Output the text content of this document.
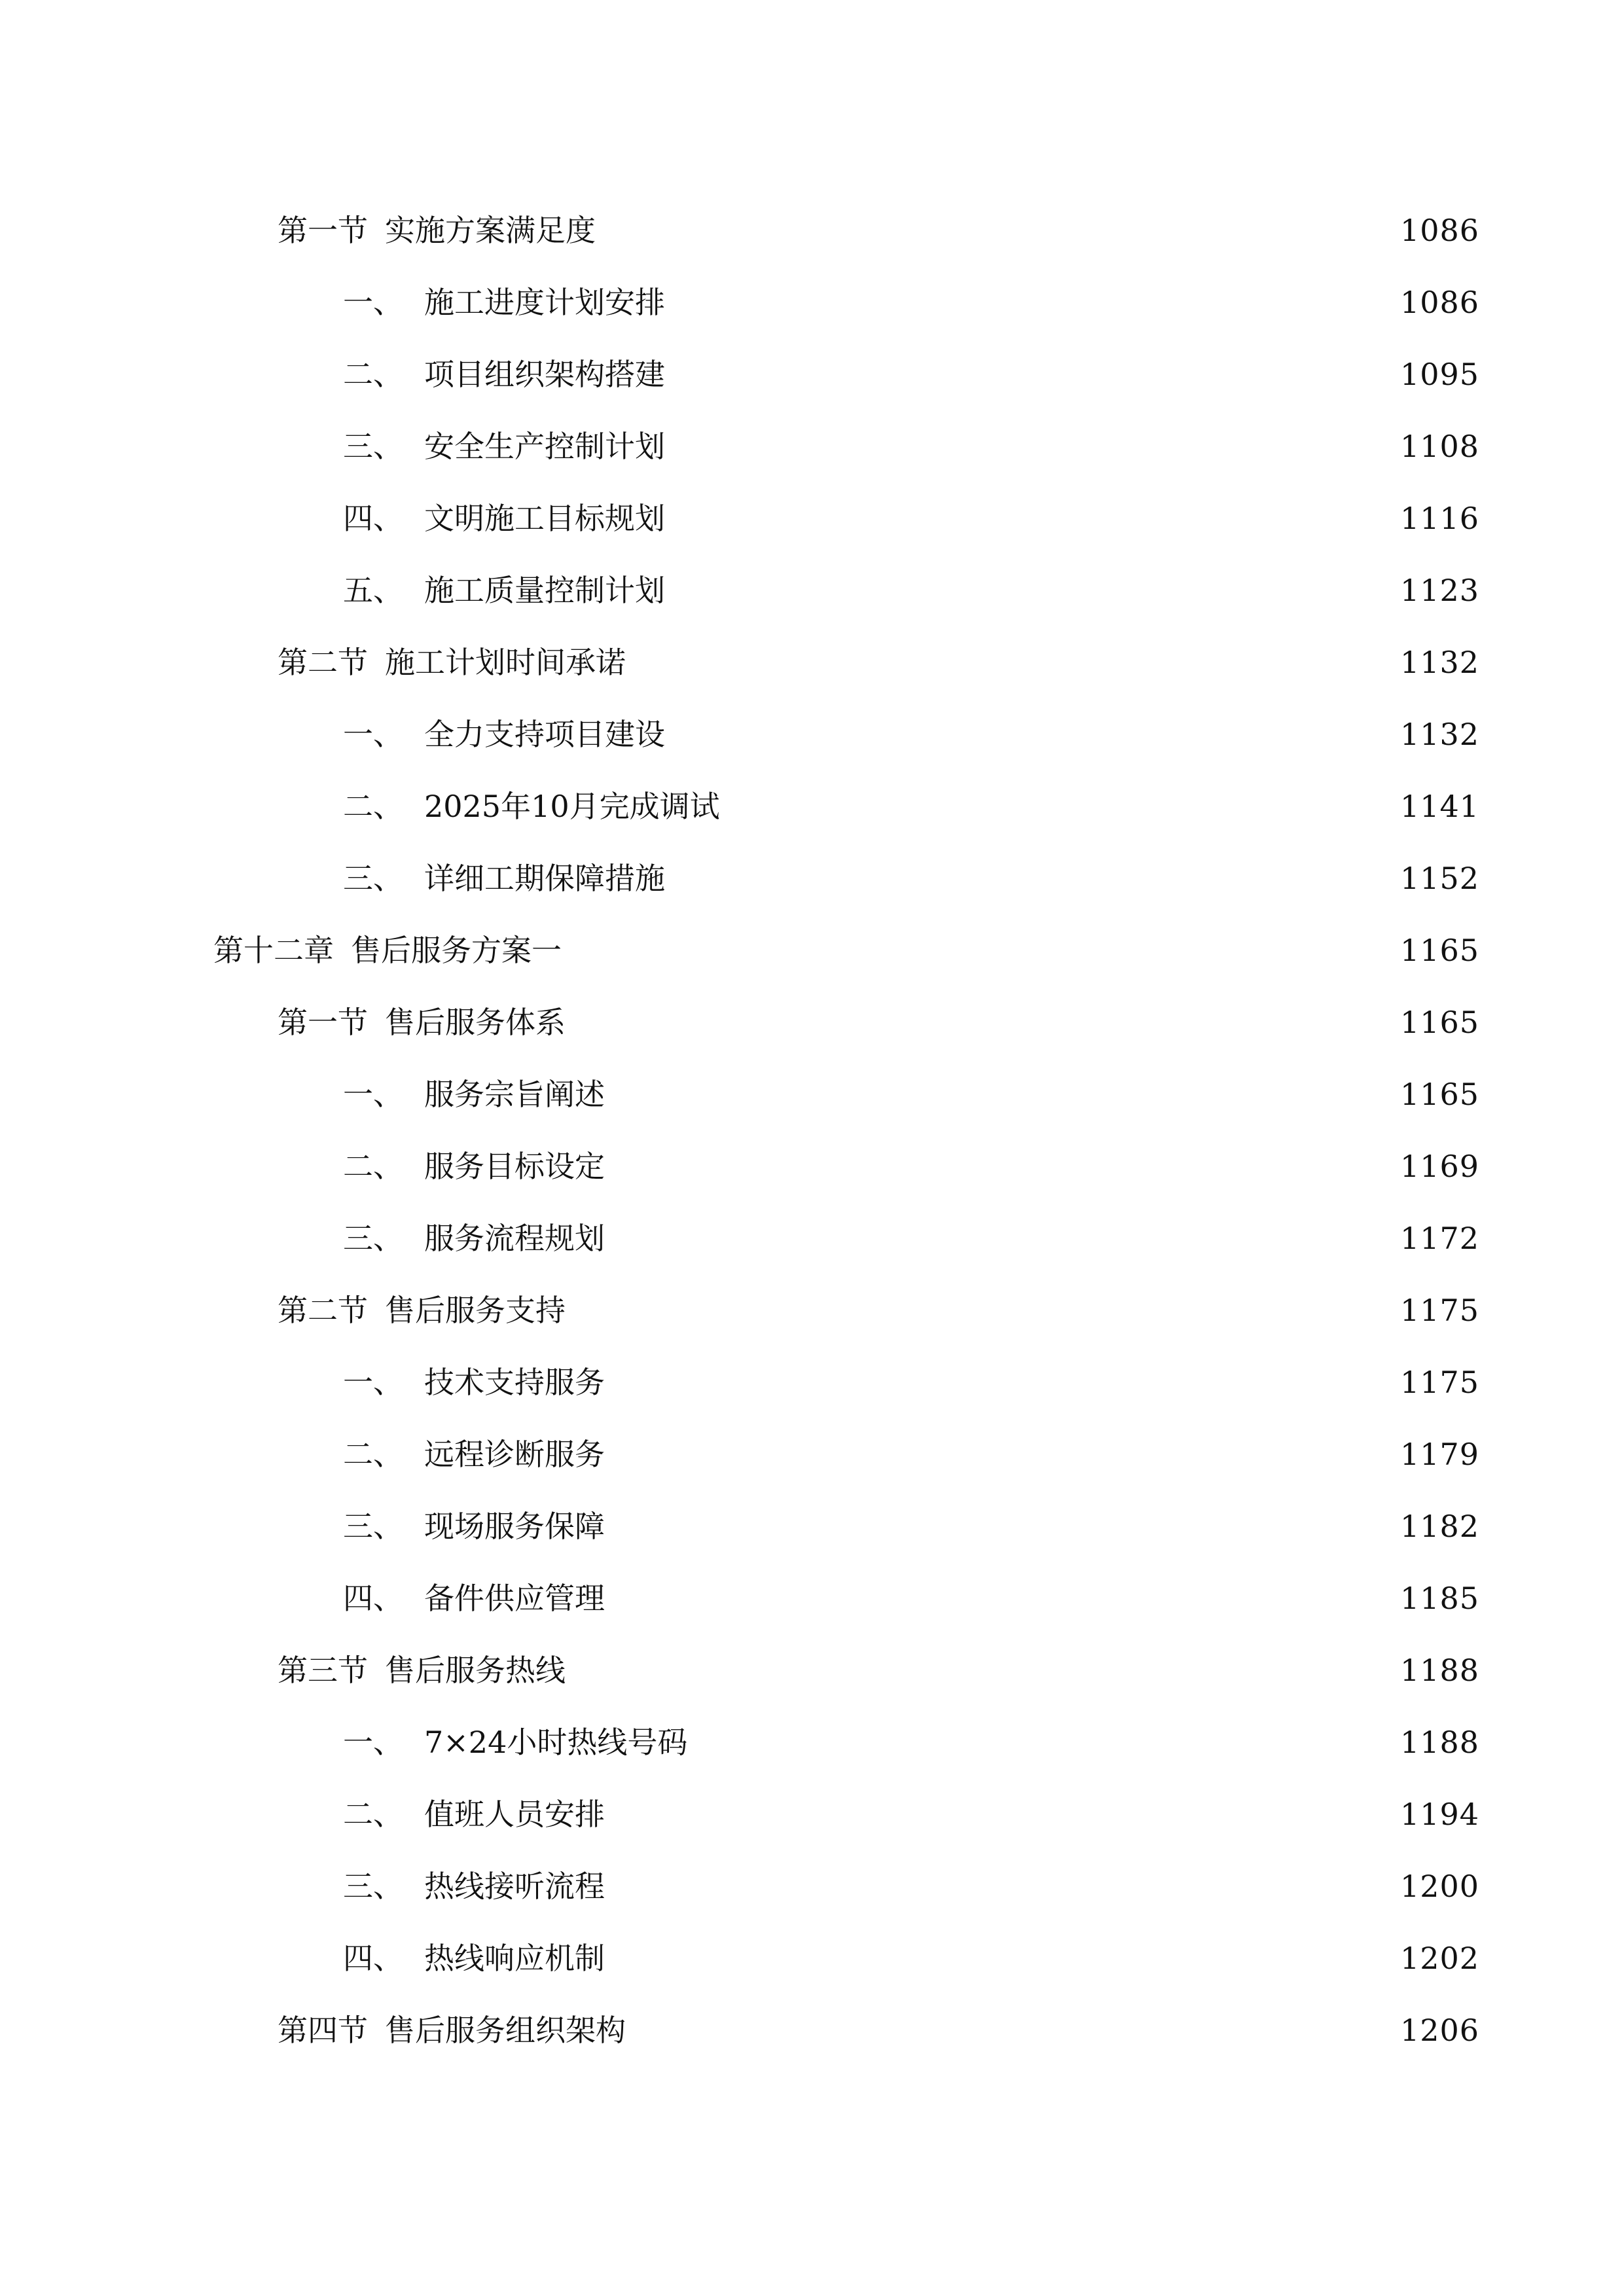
第一节 实施方案满足度	1086
一、 施工进度计划安排	1086
二、 项目组织架构搭建	1095
三、 安全生产控制计划	1108
四、 文明施工目标规划	1116
五、 施工质量控制计划	1123
第二节 施工计划时间承诺	1132
一、 全力支持项目建设	1132
二、 2025年10月完成调试	1141
三、 详细工期保障措施	1152
第十二章 售后服务方案一	1165
第一节 售后服务体系	1165
一、 服务宗旨阐述	1165
二、 服务目标设定	1169
三、 服务流程规划	1172
第二节 售后服务支持	1175
一、 技术支持服务	1175
二、 远程诊断服务	1179
三、 现场服务保障	1182
四、 备件供应管理	1185
第三节 售后服务热线	1188
一、 7×24小时热线号码	1188
二、 值班人员安排	1194
三、 热线接听流程	1200
四、 热线响应机制	1202
第四节 售后服务组织架构	1206
